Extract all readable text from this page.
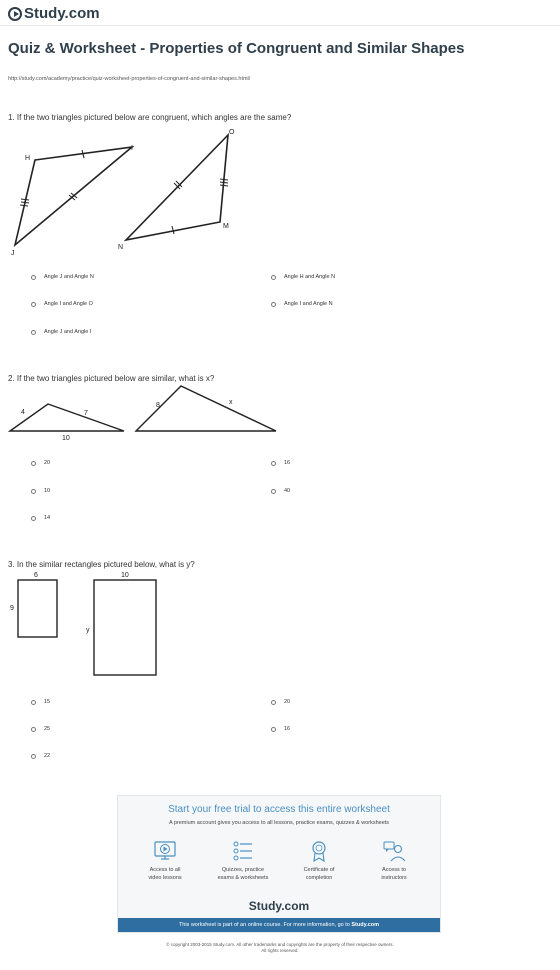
Study.com
Quiz & Worksheet - Properties of Congruent and Similar Shapes
http://study.com/academy/practice/quiz-worksheet-properties-of-congruent-and-similar-shapes.html/
1. If the two triangles pictured below are congruent, which angles are the same?
H
I
J
O
M
N
Angle J and Angle N	Angle H and Angle N
Angle I and Angle O	Angle I and Angle N
Angle J and Angle I
2. If the two triangles pictured below are similar, what is x?
4	7
10
8	x
20	16
10	40
14
3. In the similar rectangles pictured below, what is y?
6
9
10
y
15	20
25	16
22
Start your free trial to access this entire worksheet
A premium account gives you access to all lessons, practice exams, quizzes & worksheets
Access to all
video lessons
Quizzes, practice
exams & worksheets
Certificate of
completion
Access to
instructors
Study.com
This worksheet is part of an online course. For more information, go to Study.com
© copyright 2003-2015 Study.com. All other trademarks and copyrights are the property of their respective owners.
All rights reserved.
